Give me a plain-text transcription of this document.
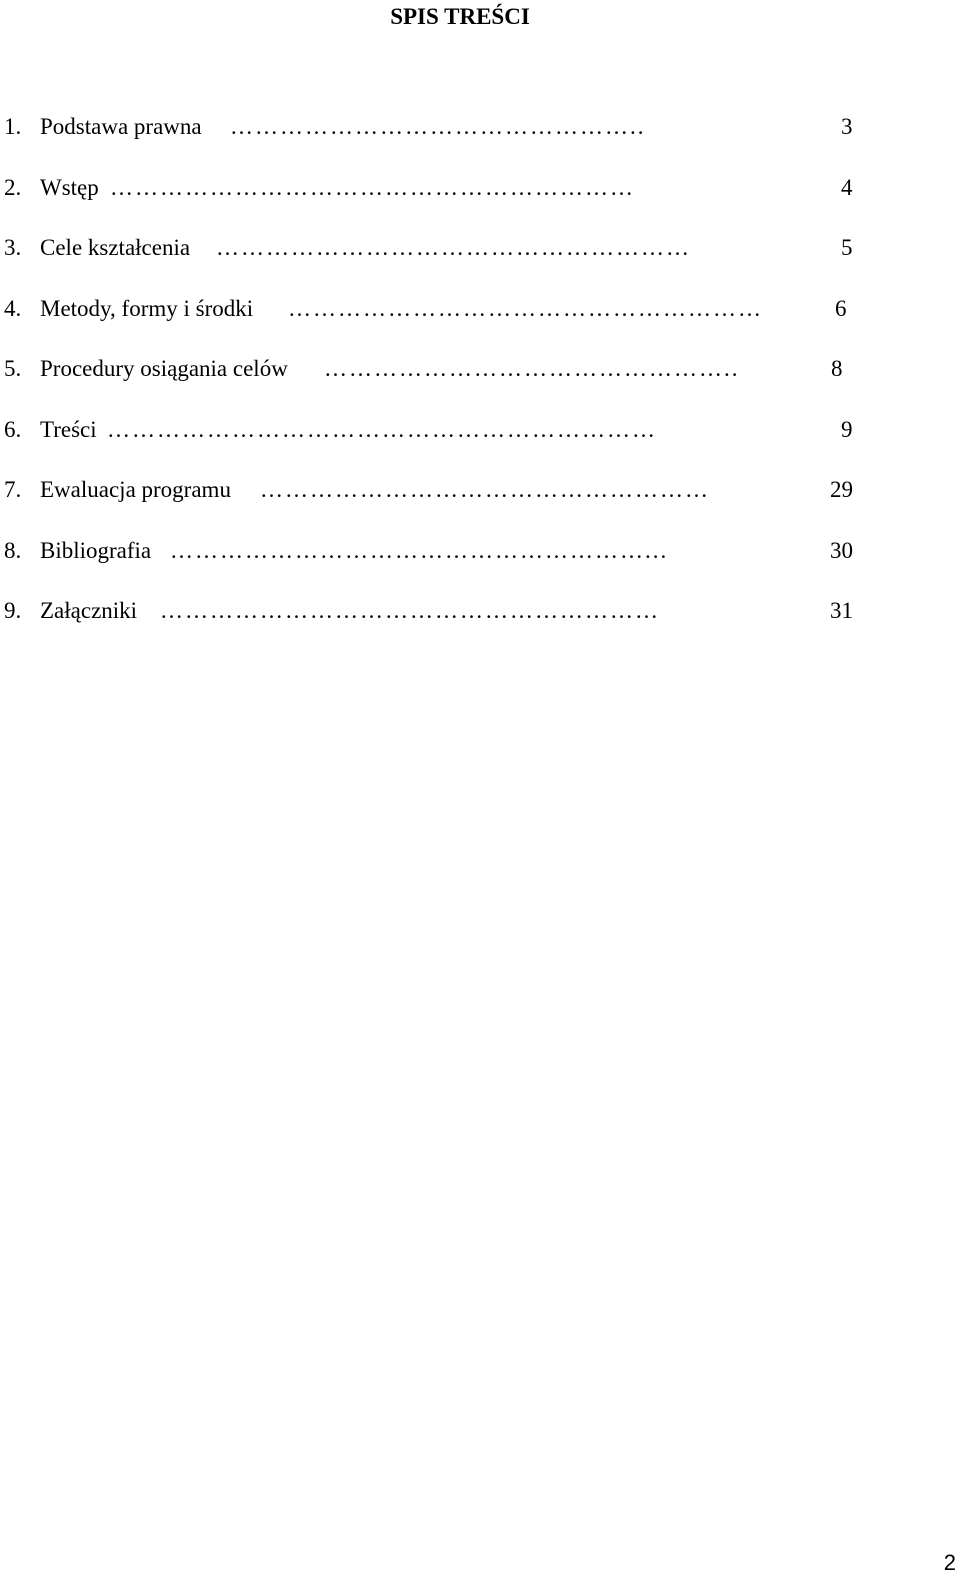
SPIS TREŚCI
1. Podstawa prawna …………………………………………..	3
2. Wstęp ………………………………………………………	4
3. Cele kształcenia …………………………………………………	5
4. Metody, formy i środki …………………………………………………	6
5. Procedury osiągania celów …………………………………………..	8
6. Treści …………………………………………………………	9
7. Ewaluacja programu ………………………………………………	29
8. Bibliografia …………………………………………………...	30
9. Załączniki ……………………………………………………	31
2
